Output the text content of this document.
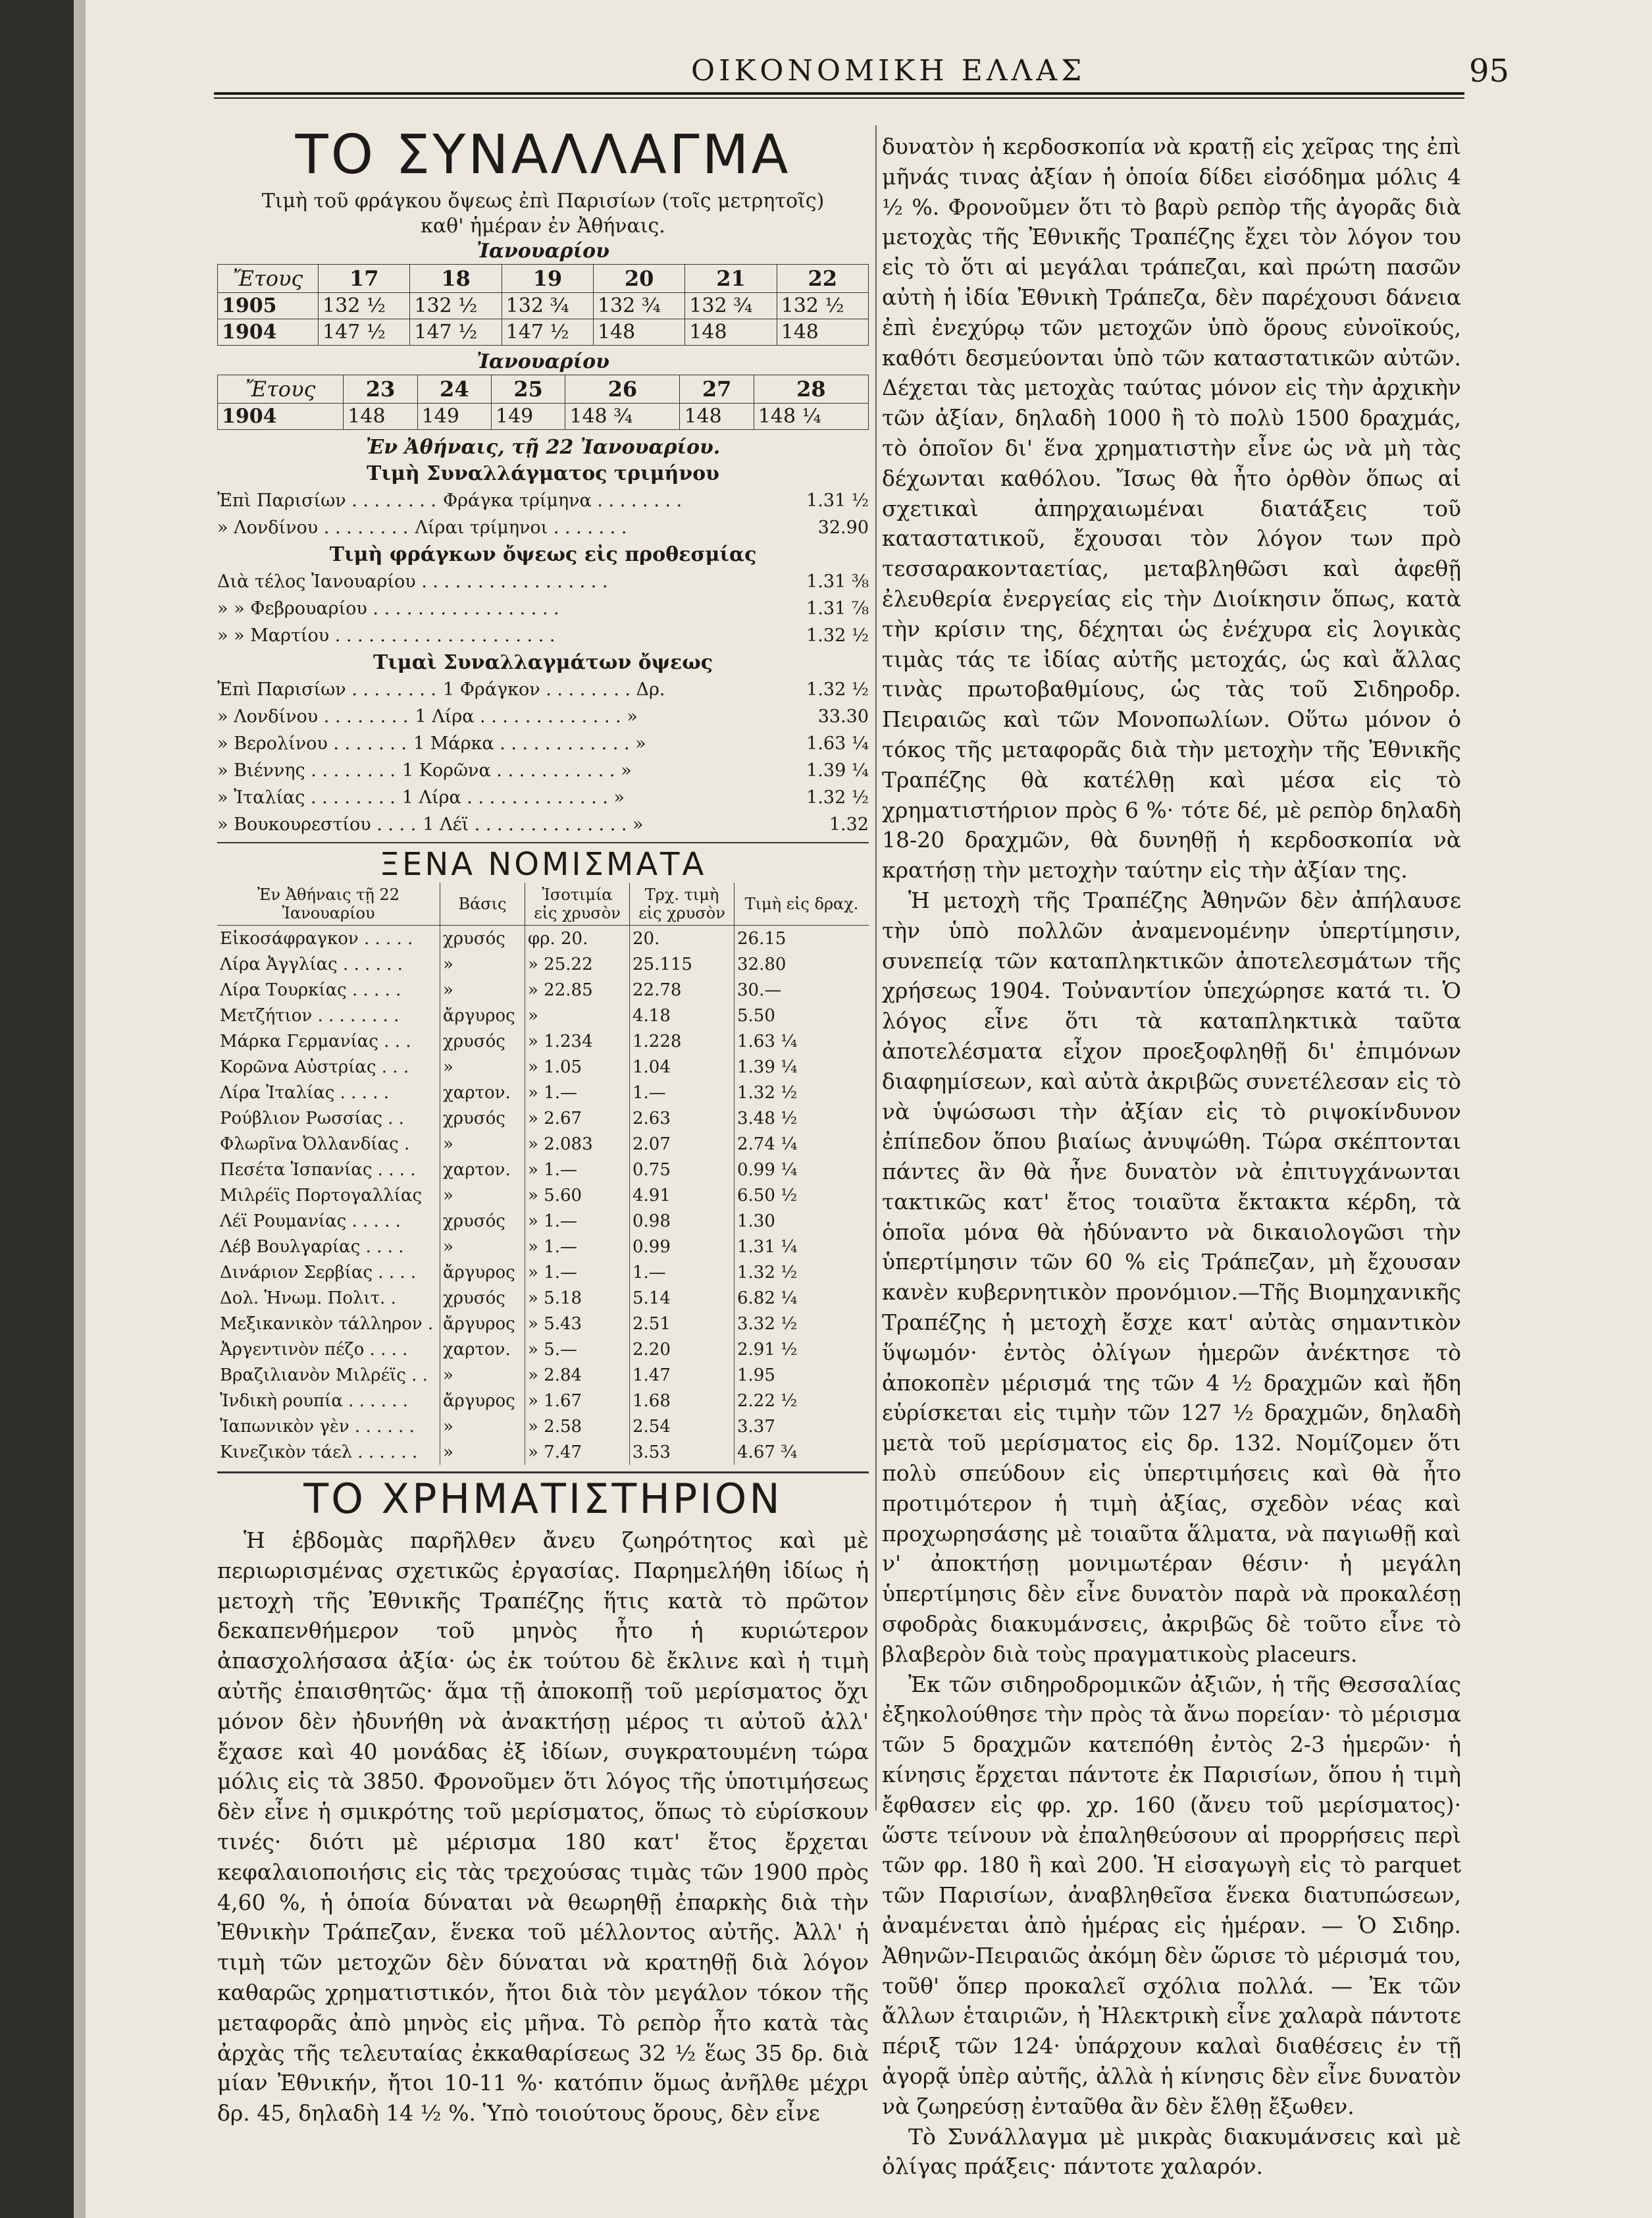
ΟΙΚΟΝΟΜΙΚΗ ΕΛΛΑΣ	95
ΤΟ ΣΥΝΑΛΛΑΓΜΑ
Τιμὴ τοῦ φράγκου ὄψεως ἐπὶ Παρισίων (τοῖς μετρητοῖς)
καθ' ἡμέραν ἐν Ἀθήναις.
Ἰανουαρίου
Ἔτους	17	18	19	20	21	22
1905	132 ½	132 ½	132 ¾	132 ¾	132 ¾	132 ½
1904	147 ½	147 ½	147 ½	148	148	148
Ἰανουαρίου
Ἔτους	23	24	25	26	27	28
1904	148	149	149	148 ¾	148	148 ¼
Ἐν Ἀθήναις, τῇ 22 Ἰανουαρίου.
Τιμὴ Συναλλάγματος τριμήνου
Ἐπὶ Παρισίων . . . . . . . . Φράγκα τρίμηνα . . . . . . . .	1.31 ½
» Λονδίνου . . . . . . . . Λίραι τρίμηνοι . . . . . . .	32.90
Τιμὴ φράγκων ὄψεως εἰς προθεσμίας
Διὰ τέλος Ἰανουαρίου . . . . . . . . . . . . . . . . .	1.31 ⅜
» » Φεβρουαρίου . . . . . . . . . . . . . . . . .	1.31 ⅞
» » Μαρτίου . . . . . . . . . . . . . . . . . . . .	1.32 ½
Τιμαὶ Συναλλαγμάτων ὄψεως
Ἐπὶ Παρισίων . . . . . . . . 1 Φράγκον . . . . . . . . Δρ.	1.32 ½
» Λονδίνου . . . . . . . . 1 Λίρα . . . . . . . . . . . . . »	33.30
» Βερολίνου . . . . . . . 1 Μάρκα . . . . . . . . . . . . »	1.63 ¼
» Βιέννης . . . . . . . . 1 Κορῶνα . . . . . . . . . . . »	1.39 ¼
» Ἰταλίας . . . . . . . . 1 Λίρα . . . . . . . . . . . . . »	1.32 ½
» Βουκουρεστίου . . . . 1 Λέϊ . . . . . . . . . . . . . . »	1.32
ΞΕΝΑ ΝΟΜΙΣΜΑΤΑ
Ἐν Ἀθήναις τῇ 22 Ἰανουαρίου	Βάσις	Ἰσοτιμία εἰς χρυσὸν	Τρχ. τιμὴ εἰς χρυσὸν	Τιμὴ εἰς δραχ.
Εἰκοσάφραγκον . . . . .	χρυσός	φρ. 20.	20.	26.15
Λίρα Ἀγγλίας . . . . . .	»	» 25.22	25.115	32.80
Λίρα Τουρκίας . . . . .	»	» 22.85	22.78	30.—
Μετζήτιον . . . . . . . .	ἄργυρος	»	4.18	5.50
Μάρκα Γερμανίας . . .	χρυσός	» 1.234	1.228	1.63 ¼
Κορῶνα Αὐστρίας . . .	»	» 1.05	1.04	1.39 ¼
Λίρα Ἰταλίας . . . . .	χαρτον.	» 1.—	1.—	1.32 ½
Ρούβλιον Ρωσσίας . .	χρυσός	» 2.67	2.63	3.48 ½
Φλωρῖνα Ὀλλανδίας .	»	» 2.083	2.07	2.74 ¼
Πεσέτα Ἱσπανίας . . . .	χαρτον.	» 1.—	0.75	0.99 ¼
Μιλρέϊς Πορτογαλλίας	»	» 5.60	4.91	6.50 ½
Λέϊ Ρουμανίας . . . . .	χρυσός	» 1.—	0.98	1.30
Λέβ Βουλγαρίας . . . .	»	» 1.—	0.99	1.31 ¼
Δινάριον Σερβίας . . . .	ἄργυρος	» 1.—	1.—	1.32 ½
Δολ. Ἡνωμ. Πολιτ. .	χρυσός	» 5.18	5.14	6.82 ¼
Μεξικανικὸν τάλληρον .	ἄργυρος	» 5.43	2.51	3.32 ½
Ἀργεντινὸν πέζο . . . .	χαρτον.	» 5.—	2.20	2.91 ½
Βραζιλιανὸν Μιλρέϊς . .	»	» 2.84	1.47	1.95
Ἰνδικὴ ρουπία . . . . . .	ἄργυρος	» 1.67	1.68	2.22 ½
Ἰαπωνικὸν γὲν . . . . . .	»	» 2.58	2.54	3.37
Κινεζικὸν τάελ . . . . . .	»	» 7.47	3.53	4.67 ¾
ΤΟ ΧΡΗΜΑΤΙΣΤΗΡΙΟΝ

Ἡ ἑβδομὰς παρῆλθεν ἄνευ ζωηρότητος καὶ μὲ περιωρισμένας σχετικῶς ἐργασίας. Παρημελήθη ἰδίως ἡ μετοχὴ τῆς Ἐθνικῆς Τραπέζης ἥτις κατὰ τὸ πρῶτον δεκαπενθήμερον τοῦ μηνὸς ἦτο ἡ κυριώτερον ἀπασχολήσασα ἀξία· ὡς ἐκ τούτου δὲ ἔκλινε καὶ ἡ τιμὴ αὐτῆς ἐπαισθητῶς· ἅμα τῇ ἀποκοπῇ τοῦ μερίσματος ὄχι μόνον δὲν ἠδυνήθη νὰ ἀνακτήσῃ μέρος τι αὐτοῦ ἀλλ' ἔχασε καὶ 40 μονάδας ἐξ ἰδίων, συγκρατουμένη τώρα μόλις εἰς τὰ 3850. Φρονοῦμεν ὅτι λόγος τῆς ὑποτιμήσεως δὲν εἶνε ἡ σμικρότης τοῦ μερίσματος, ὅπως τὸ εὑρίσκουν τινές· διότι μὲ μέρισμα 180 κατ' ἔτος ἔρχεται κεφαλαιοποιήσις εἰς τὰς τρεχούσας τιμὰς τῶν 1900 πρὸς 4,60 %, ἡ ὁποία δύναται νὰ θεωρηθῇ ἐπαρκὴς διὰ τὴν Ἐθνικὴν Τράπεζαν, ἕνεκα τοῦ μέλλοντος αὐτῆς. Ἀλλ' ἡ τιμὴ τῶν μετοχῶν δὲν δύναται νὰ κρατηθῇ διὰ λόγον καθαρῶς χρηματιστικόν, ἤτοι διὰ τὸν μεγάλον τόκον τῆς μεταφορᾶς ἀπὸ μηνὸς εἰς μῆνα. Τὸ ρεπὸρ ἦτο κατὰ τὰς ἀρχὰς τῆς τελευταίας ἐκκαθαρίσεως 32 ½ ἕως 35 δρ. διὰ μίαν Ἐθνικήν, ἤτοι 10-11 %· κατόπιν ὅμως ἀνῆλθε μέχρι δρ. 45, δηλαδὴ 14 ½ %. Ὑπὸ τοιούτους ὅρους, δὲν εἶνε

δυνατὸν ἡ κερδοσκοπία νὰ κρατῇ εἰς χεῖρας της ἐπὶ μῆνάς τινας ἀξίαν ἡ ὁποία δίδει εἰσόδημα μόλις 4 ½ %. Φρονοῦμεν ὅτι τὸ βαρὺ ρεπὸρ τῆς ἀγορᾶς διὰ μετοχὰς τῆς Ἐθνικῆς Τραπέζης ἔχει τὸν λόγον του εἰς τὸ ὅτι αἱ μεγάλαι τράπεζαι, καὶ πρώτη πασῶν αὐτὴ ἡ ἰδία Ἐθνικὴ Τράπεζα, δὲν παρέχουσι δάνεια ἐπὶ ἐνεχύρῳ τῶν μετοχῶν ὑπὸ ὅρους εὐνοϊκούς, καθότι δεσμεύονται ὑπὸ τῶν καταστατικῶν αὐτῶν. Δέχεται τὰς μετοχὰς ταύτας μόνον εἰς τὴν ἀρχικὴν τῶν ἀξίαν, δηλαδὴ 1000 ἢ τὸ πολὺ 1500 δραχμάς, τὸ ὁποῖον δι' ἕνα χρηματιστὴν εἶνε ὡς νὰ μὴ τὰς δέχωνται καθόλου. Ἴσως θὰ ἦτο ὀρθὸν ὅπως αἱ σχετικαὶ ἀπηρχαιωμέναι διατάξεις τοῦ καταστατικοῦ, ἔχουσαι τὸν λόγον των πρὸ τεσσαρακονταετίας, μεταβληθῶσι καὶ ἀφεθῇ ἐλευθερία ἐνεργείας εἰς τὴν Διοίκησιν ὅπως, κατὰ τὴν κρίσιν της, δέχηται ὡς ἐνέχυρα εἰς λογικὰς τιμὰς τάς τε ἰδίας αὐτῆς μετοχάς, ὡς καὶ ἄλλας τινὰς πρωτοβαθμίους, ὡς τὰς τοῦ Σιδηροδρ. Πειραιῶς καὶ τῶν Μονοπωλίων. Οὕτω μόνον ὁ τόκος τῆς μεταφορᾶς διὰ τὴν μετοχὴν τῆς Ἐθνικῆς Τραπέζης θὰ κατέλθῃ καὶ μέσα εἰς τὸ χρηματιστήριον πρὸς 6 %· τότε δέ, μὲ ρεπὸρ δηλαδὴ 18-20 δραχμῶν, θὰ δυνηθῇ ἡ κερδοσκοπία νὰ κρατήσῃ τὴν μετοχὴν ταύτην εἰς τὴν ἀξίαν της.

Ἡ μετοχὴ τῆς Τραπέζης Ἀθηνῶν δὲν ἀπήλαυσε τὴν ὑπὸ πολλῶν ἀναμενομένην ὑπερτίμησιν, συνεπείᾳ τῶν καταπληκτικῶν ἀποτελεσμάτων τῆς χρήσεως 1904. Τοὐναντίον ὑπεχώρησε κατά τι. Ὁ λόγος εἶνε ὅτι τὰ καταπληκτικὰ ταῦτα ἀποτελέσματα εἶχον προεξοφληθῇ δι' ἐπιμόνων διαφημίσεων, καὶ αὐτὰ ἀκριβῶς συνετέλεσαν εἰς τὸ νὰ ὑψώσωσι τὴν ἀξίαν εἰς τὸ ριψοκίνδυνον ἐπίπεδον ὅπου βιαίως ἀνυψώθη. Τώρα σκέπτονται πάντες ἂν θὰ ἦνε δυνατὸν νὰ ἐπιτυγχάνωνται τακτικῶς κατ' ἔτος τοιαῦτα ἔκτακτα κέρδη, τὰ ὁποῖα μόνα θὰ ἠδύναντο νὰ δικαιολογῶσι τὴν ὑπερτίμησιν τῶν 60 % εἰς Τράπεζαν, μὴ ἔχουσαν κανὲν κυβερνητικὸν προνόμιον.—Τῆς Βιομηχανικῆς Τραπέζης ἡ μετοχὴ ἔσχε κατ' αὐτὰς σημαντικὸν ὕψωμόν· ἐντὸς ὀλίγων ἡμερῶν ἀνέκτησε τὸ ἀποκοπὲν μέρισμά της τῶν 4 ½ δραχμῶν καὶ ἤδη εὑρίσκεται εἰς τιμὴν τῶν 127 ½ δραχμῶν, δηλαδὴ μετὰ τοῦ μερίσματος εἰς δρ. 132. Νομίζομεν ὅτι πολὺ σπεύδουν εἰς ὑπερτιμήσεις καὶ θὰ ἦτο προτιμότερον ἡ τιμὴ ἀξίας, σχεδὸν νέας καὶ προχωρησάσης μὲ τοιαῦτα ἅλματα, νὰ παγιωθῇ καὶ ν' ἀποκτήσῃ μονιμωτέραν θέσιν· ἡ μεγάλη ὑπερτίμησις δὲν εἶνε δυνατὸν παρὰ νὰ προκαλέσῃ σφοδρὰς διακυμάνσεις, ἀκριβῶς δὲ τοῦτο εἶνε τὸ βλαβερὸν διὰ τοὺς πραγματικοὺς placeurs.

Ἐκ τῶν σιδηροδρομικῶν ἀξιῶν, ἡ τῆς Θεσσαλίας ἐξηκολούθησε τὴν πρὸς τὰ ἄνω πορείαν· τὸ μέρισμα τῶν 5 δραχμῶν κατεπόθη ἐντὸς 2-3 ἡμερῶν· ἡ κίνησις ἔρχεται πάντοτε ἐκ Παρισίων, ὅπου ἡ τιμὴ ἔφθασεν εἰς φρ. χρ. 160 (ἄνευ τοῦ μερίσματος)· ὥστε τείνουν νὰ ἐπαληθεύσουν αἱ προρρήσεις περὶ τῶν φρ. 180 ἢ καὶ 200. Ἡ εἰσαγωγὴ εἰς τὸ parquet τῶν Παρισίων, ἀναβληθεῖσα ἕνεκα διατυπώσεων, ἀναμένεται ἀπὸ ἡμέρας εἰς ἡμέραν. — Ὁ Σιδηρ. Ἀθηνῶν-Πειραιῶς ἀκόμη δὲν ὥρισε τὸ μέρισμά του, τοῦθ' ὅπερ προκαλεῖ σχόλια πολλά. — Ἐκ τῶν ἄλλων ἑταιριῶν, ἡ Ἠλεκτρικὴ εἶνε χαλαρὰ πάντοτε πέριξ τῶν 124· ὑπάρχουν καλαὶ διαθέσεις ἐν τῇ ἀγορᾷ ὑπὲρ αὐτῆς, ἀλλὰ ἡ κίνησις δὲν εἶνε δυνατὸν νὰ ζωηρεύσῃ ἐνταῦθα ἂν δὲν ἔλθῃ ἔξωθεν.

Τὸ Συνάλλαγμα μὲ μικρὰς διακυμάνσεις καὶ μὲ ὀλίγας πράξεις· πάντοτε χαλαρόν.
